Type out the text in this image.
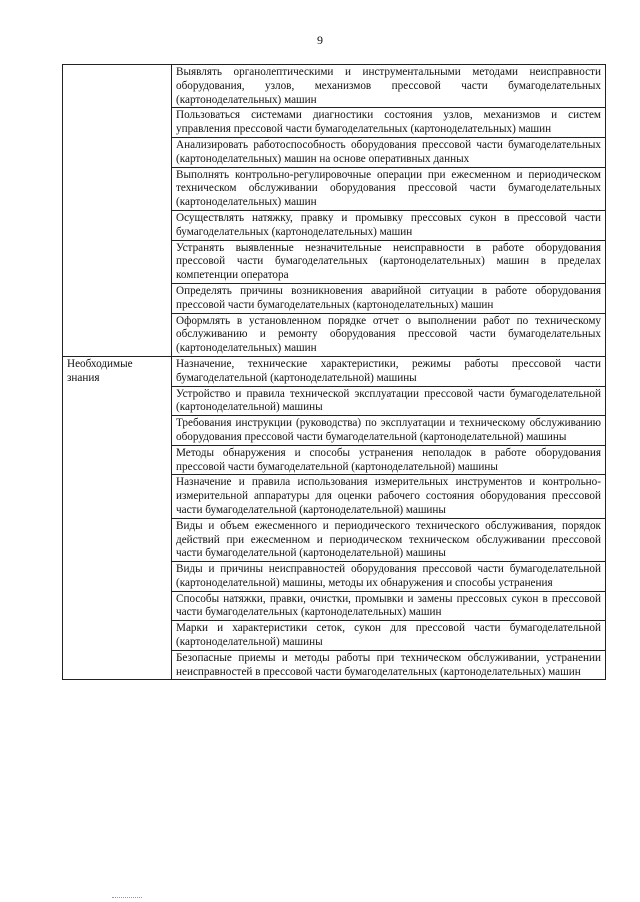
9
	Выявлять органолептическими и инструментальными методами неисправности оборудования, узлов, механизмов прессовой части бумагоделательных (картоноделательных) машин
	Пользоваться системами диагностики состояния узлов, механизмов и систем управления прессовой части бумагоделательных (картоноделательных) машин
	Анализировать работоспособность оборудования прессовой части бумагоделательных (картоноделательных) машин на основе оперативных данных
	Выполнять контрольно-регулировочные операции при ежесменном и периодическом техническом обслуживании оборудования прессовой части бумагоделательных (картоноделательных) машин
	Осуществлять натяжку, правку и промывку прессовых сукон в прессовой части бумагоделательных (картоноделательных) машин
	Устранять выявленные незначительные неисправности в работе оборудования прессовой части бумагоделательных (картоноделательных) машин в пределах компетенции оператора
	Определять причины возникновения аварийной ситуации в работе оборудования прессовой части бумагоделательных (картоноделательных) машин
	Оформлять в установленном порядке отчет о выполнении работ по техническому обслуживанию и ремонту оборудования прессовой части бумагоделательных (картоноделательных) машин
Необходимые знания	Назначение, технические характеристики, режимы работы прессовой части бумагоделательной (картоноделательной) машины
	Устройство и правила технической эксплуатации прессовой части бумагоделательной (картоноделательной) машины
	Требования инструкции (руководства) по эксплуатации и техническому обслуживанию оборудования прессовой части бумагоделательной (картоноделательной) машины
	Методы обнаружения и способы устранения неполадок в работе оборудования прессовой части бумагоделательной (картоноделательной) машины
	Назначение и правила использования измерительных инструментов и контрольно-измерительной аппаратуры для оценки рабочего состояния оборудования прессовой части бумагоделательной (картоноделательной) машины
	Виды и объем ежесменного и периодического технического обслуживания, порядок действий при ежесменном и периодическом техническом обслуживании прессовой части бумагоделательной (картоноделательной) машины
	Виды и причины неисправностей оборудования прессовой части бумагоделательной (картоноделательной) машины, методы их обнаружения и способы устранения
	Способы натяжки, правки, очистки, промывки и замены прессовых сукон в прессовой части бумагоделательных (картоноделательных) машин
	Марки и характеристики сеток, сукон для прессовой части бумагоделательной (картоноделательной) машины
	Безопасные приемы и методы работы при техническом обслуживании, устранении неисправностей в прессовой части бумагоделательных (картоноделательных) машин
